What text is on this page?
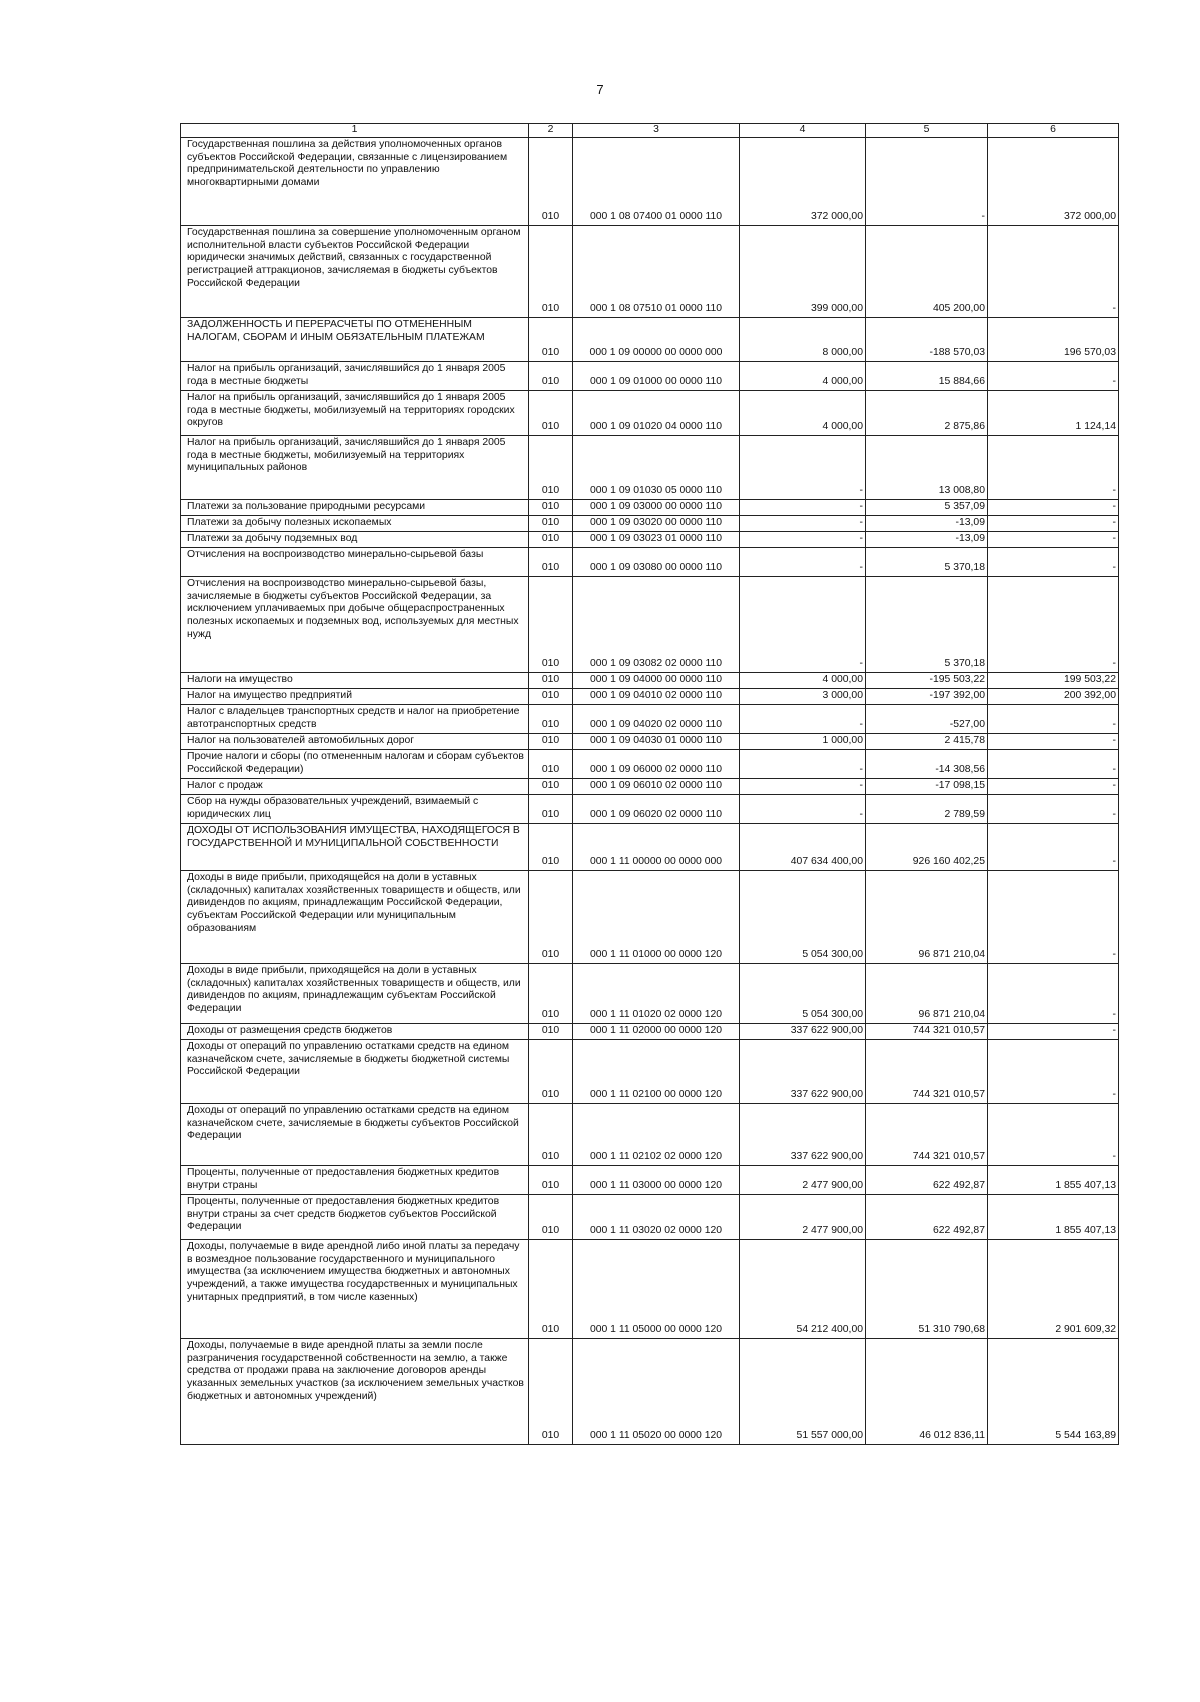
7
1	2	3	4	5	6
Государственная пошлина за действия уполномоченных органов субъектов Российской Федерации, связанные с лицензированием предпринимательской деятельности по управлению многоквартирными домами	010	000 1 08 07400 01 0000 110	372 000,00	-	372 000,00
Государственная пошлина за совершение уполномоченным органом исполнительной власти субъектов Российской Федерации юридически значимых действий, связанных с государственной регистрацией аттракционов, зачисляемая в бюджеты субъектов Российской Федерации	010	000 1 08 07510 01 0000 110	399 000,00	405 200,00	-
ЗАДОЛЖЕННОСТЬ И ПЕРЕРАСЧЕТЫ ПО ОТМЕНЕННЫМ НАЛОГАМ, СБОРАМ И ИНЫМ ОБЯЗАТЕЛЬНЫМ ПЛАТЕЖАМ	010	000 1 09 00000 00 0000 000	8 000,00	-188 570,03	196 570,03
Налог на прибыль организаций, зачислявшийся до 1 января 2005 года в местные бюджеты	010	000 1 09 01000 00 0000 110	4 000,00	15 884,66	-
Налог на прибыль организаций, зачислявшийся до 1 января 2005 года в местные бюджеты, мобилизуемый на территориях городских округов	010	000 1 09 01020 04 0000 110	4 000,00	2 875,86	1 124,14
Налог на прибыль организаций, зачислявшийся до 1 января 2005 года в местные бюджеты, мобилизуемый на территориях муниципальных районов	010	000 1 09 01030 05 0000 110	-	13 008,80	-
Платежи за пользование природными ресурсами	010	000 1 09 03000 00 0000 110	-	5 357,09	-
Платежи за добычу полезных ископаемых	010	000 1 09 03020 00 0000 110	-	-13,09	-
Платежи за добычу подземных вод	010	000 1 09 03023 01 0000 110	-	-13,09	-
Отчисления на воспроизводство минерально-сырьевой базы	010	000 1 09 03080 00 0000 110	-	5 370,18	-
Отчисления на воспроизводство минерально-сырьевой базы, зачисляемые в бюджеты субъектов Российской Федерации, за исключением уплачиваемых при добыче общераспространенных полезных ископаемых и подземных вод, используемых для местных нужд	010	000 1 09 03082 02 0000 110	-	5 370,18	-
Налоги на имущество	010	000 1 09 04000 00 0000 110	4 000,00	-195 503,22	199 503,22
Налог на имущество предприятий	010	000 1 09 04010 02 0000 110	3 000,00	-197 392,00	200 392,00
Налог с владельцев транспортных средств и налог на приобретение автотранспортных средств	010	000 1 09 04020 02 0000 110	-	-527,00	-
Налог на пользователей автомобильных дорог	010	000 1 09 04030 01 0000 110	1 000,00	2 415,78	-
Прочие налоги и сборы (по отмененным налогам и сборам субъектов Российской Федерации)	010	000 1 09 06000 02 0000 110	-	-14 308,56	-
Налог с продаж	010	000 1 09 06010 02 0000 110	-	-17 098,15	-
Сбор на нужды образовательных учреждений, взимаемый с юридических лиц	010	000 1 09 06020 02 0000 110	-	2 789,59	-
ДОХОДЫ ОТ ИСПОЛЬЗОВАНИЯ ИМУЩЕСТВА, НАХОДЯЩЕГОСЯ В ГОСУДАРСТВЕННОЙ И МУНИЦИПАЛЬНОЙ СОБСТВЕННОСТИ	010	000 1 11 00000 00 0000 000	407 634 400,00	926 160 402,25	-
Доходы в виде прибыли, приходящейся на доли в уставных (складочных) капиталах хозяйственных товариществ и обществ, или дивидендов по акциям, принадлежащим Российской Федерации, субъектам Российской Федерации или муниципальным образованиям	010	000 1 11 01000 00 0000 120	5 054 300,00	96 871 210,04	-
Доходы в виде прибыли, приходящейся на доли в уставных (складочных) капиталах хозяйственных товариществ и обществ, или дивидендов по акциям, принадлежащим субъектам Российской Федерации	010	000 1 11 01020 02 0000 120	5 054 300,00	96 871 210,04	-
Доходы от размещения средств бюджетов	010	000 1 11 02000 00 0000 120	337 622 900,00	744 321 010,57	-
Доходы от операций по управлению остатками средств на едином казначейском счете, зачисляемые в бюджеты бюджетной системы Российской Федерации	010	000 1 11 02100 00 0000 120	337 622 900,00	744 321 010,57	-
Доходы от операций по управлению остатками средств на едином казначейском счете, зачисляемые в бюджеты субъектов Российской Федерации	010	000 1 11 02102 02 0000 120	337 622 900,00	744 321 010,57	-
Проценты, полученные от предоставления бюджетных кредитов внутри страны	010	000 1 11 03000 00 0000 120	2 477 900,00	622 492,87	1 855 407,13
Проценты, полученные от предоставления бюджетных кредитов внутри страны за счет средств бюджетов субъектов Российской Федерации	010	000 1 11 03020 02 0000 120	2 477 900,00	622 492,87	1 855 407,13
Доходы, получаемые в виде арендной либо иной платы за передачу в возмездное пользование государственного и муниципального имущества (за исключением имущества бюджетных и автономных учреждений, а также имущества государственных и муниципальных унитарных предприятий, в том числе казенных)	010	000 1 11 05000 00 0000 120	54 212 400,00	51 310 790,68	2 901 609,32
Доходы, получаемые в виде арендной платы за земли после разграничения государственной собственности на землю, а также средства от продажи права на заключение договоров аренды указанных земельных участков (за исключением земельных участков бюджетных и автономных учреждений)	010	000 1 11 05020 00 0000 120	51 557 000,00	46 012 836,11	5 544 163,89
